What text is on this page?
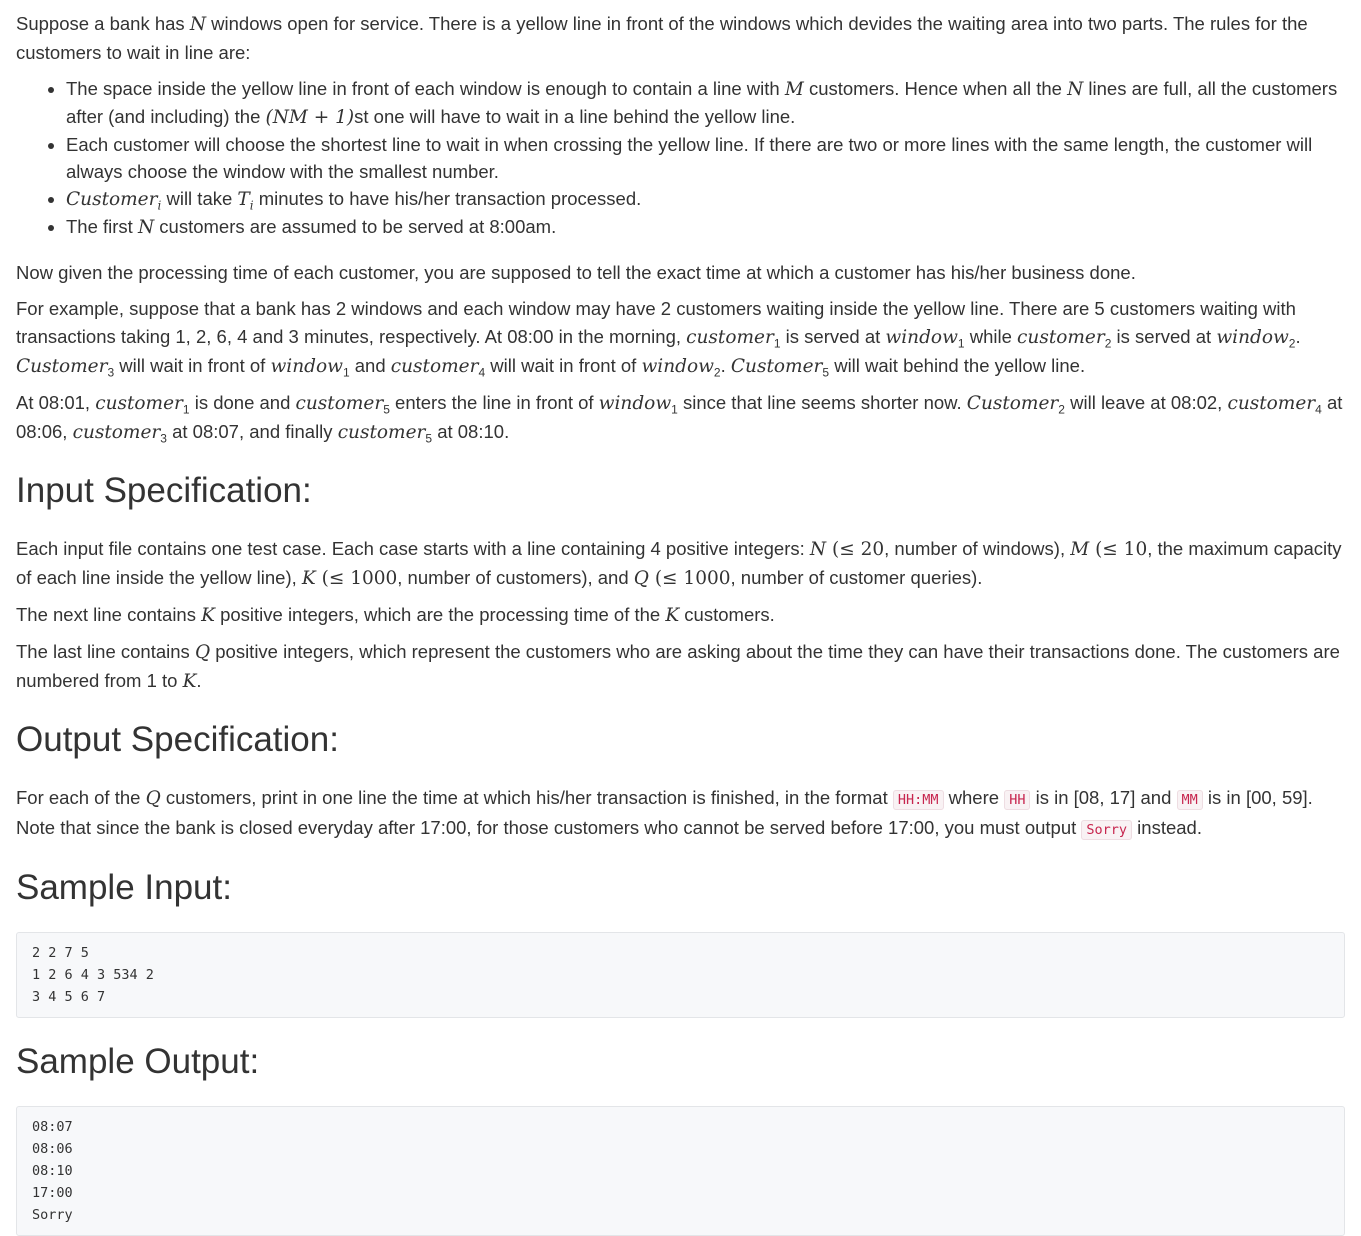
Suppose a bank has N windows open for service. There is a yellow line in front of the windows which devides the waiting area into two parts. The rules for the customers to wait in line are:

• The space inside the yellow line in front of each window is enough to contain a line with M customers. Hence when all the N lines are full, all the customers after (and including) the (NM + 1)st one will have to wait in a line behind the yellow line.
• Each customer will choose the shortest line to wait in when crossing the yellow line. If there are two or more lines with the same length, the customer will always choose the window with the smallest number.
• Customer$_i$ will take $T_i$ minutes to have his/her transaction processed.
• The first N customers are assumed to be served at 8:00am.

Now given the processing time of each customer, you are supposed to tell the exact time at which a customer has his/her business done.

For example, suppose that a bank has 2 windows and each window may have 2 customers waiting inside the yellow line. There are 5 customers waiting with transactions taking 1, 2, 6, 4 and 3 minutes, respectively. At 08:00 in the morning, customer$_1$ is served at window$_1$ while customer$_2$ is served at window$_2$. Customer$_3$ will wait in front of window$_1$ and customer$_4$ will wait in front of window$_2$. Customer$_5$ will wait behind the yellow line.

At 08:01, customer$_1$ is done and customer$_5$ enters the line in front of window$_1$ since that line seems shorter now. Customer$_2$ will leave at 08:02, customer$_4$ at 08:06, customer$_3$ at 08:07, and finally customer$_5$ at 08:10.

Input Specification:

Each input file contains one test case. Each case starts with a line containing 4 positive integers: N (≤ 20, number of windows), M (≤ 10, the maximum capacity of each line inside the yellow line), K (≤ 1000, number of customers), and Q (≤ 1000, number of customer queries).

The next line contains K positive integers, which are the processing time of the K customers.

The last line contains Q positive integers, which represent the customers who are asking about the time they can have their transactions done. The customers are numbered from 1 to K.

Output Specification:

For each of the Q customers, print in one line the time at which his/her transaction is finished, in the format HH:MM where HH is in [08, 17] and MM is in [00, 59]. Note that since the bank is closed everyday after 17:00, for those customers who cannot be served before 17:00, you must output Sorry instead.

Sample Input:
2 2 7 5
1 2 6 4 3 534 2
3 4 5 6 7
Sample Output:
08:07
08:06
08:10
17:00
Sorry
